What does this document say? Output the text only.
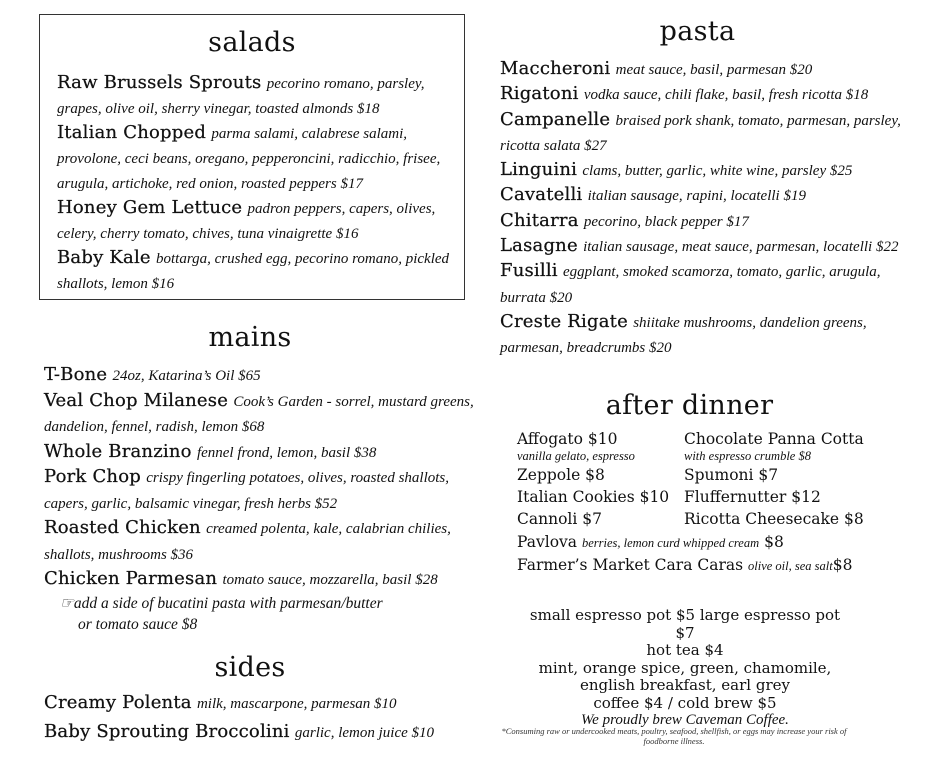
salads
Raw Brussels Sprouts pecorino romano, parsley, grapes, olive oil, sherry vinegar, toasted almonds $18
Italian Chopped parma salami, calabrese salami, provolone, ceci beans, oregano, pepperoncini, radicchio, frisee, arugula, artichoke, red onion, roasted peppers $17
Honey Gem Lettuce padron peppers, capers, olives, celery, cherry tomato, chives, tuna vinaigrette $16
Baby Kale bottarga, crushed egg, pecorino romano, pickled shallots, lemon $16
mains
T-Bone 24oz, Katarina’s Oil $65
Veal Chop Milanese Cook’s Garden - sorrel, mustard greens, dandelion, fennel, radish, lemon $68
Whole Branzino fennel frond, lemon, basil $38
Pork Chop crispy fingerling potatoes, olives, roasted shallots, capers, garlic, balsamic vinegar, fresh herbs $52
Roasted Chicken creamed polenta, kale, calabrian chilies, shallots, mushrooms $36
Chicken Parmesan tomato sauce, mozzarella, basil $28
☞add a side of bucatini pasta with parmesan/butter
or tomato sauce $8
sides
Creamy Polenta milk, mascarpone, parmesan $10
Baby Sprouting Broccolini garlic, lemon juice $10
pasta
Maccheroni meat sauce, basil, parmesan $20
Rigatoni vodka sauce, chili flake, basil, fresh ricotta $18
Campanelle braised pork shank, tomato, parmesan, parsley, ricotta salata $27
Linguini clams, butter, garlic, white wine, parsley $25
Cavatelli italian sausage, rapini, locatelli $19
Chitarra pecorino, black pepper $17
Lasagne italian sausage, meat sauce, parmesan, locatelli $22
Fusilli eggplant, smoked scamorza, tomato, garlic, arugula, burrata $20
Creste Rigate shiitake mushrooms, dandelion greens, parmesan, breadcrumbs $20
after dinner
Affogato $10
vanilla gelato, espresso
Chocolate Panna Cotta
with espresso crumble $8
Zeppole $8	Spumoni $7
Italian Cookies $10 Fluffernutter $12
Cannoli $7	Ricotta Cheesecake $8
Pavlova berries, lemon curd whipped cream $8
Farmer’s Market Cara Caras olive oil, sea salt$8
small espresso pot $5 large espresso pot $7
hot tea $4
mint, orange spice, green, chamomile,
english breakfast, earl grey
coffee $4 / cold brew $5
We proudly brew Caveman Coffee.
*Consuming raw or undercooked meats, poultry, seafood, shellfish, or eggs may increase your risk of foodborne illness.
